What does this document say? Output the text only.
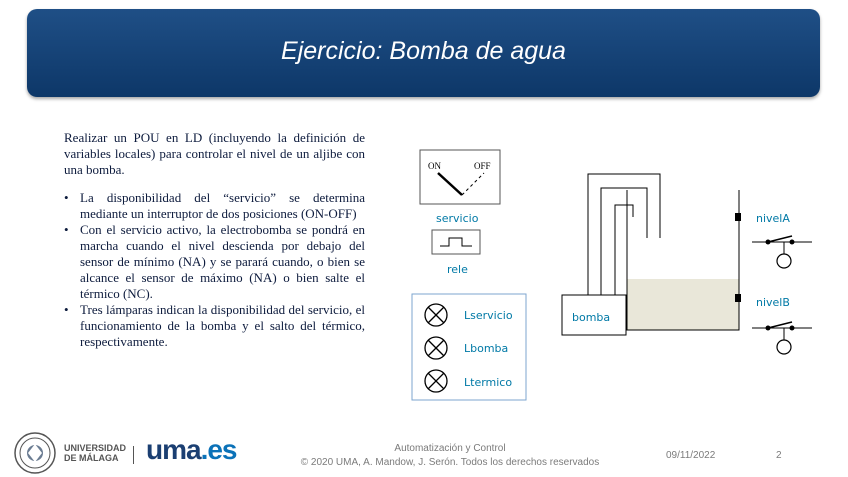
Ejercicio: Bomba de agua

Realizar un POU en LD (incluyendo la definición de variables locales) para controlar el nivel de un aljibe con una bomba.

• La disponibilidad del “servicio” se determina mediante un interruptor de dos posiciones (ON-OFF)
• Con el servicio activo, la electrobomba se pondrá en marcha cuando el nivel descienda por debajo del sensor de mínimo (NA) y se parará cuando, o bien se alcance el sensor de máximo (NA) o bien salte el térmico (NC).
• Tres lámparas indican la disponibilidad del servicio, el funcionamiento de la bomba y el salto del térmico, respectivamente.
ON	OFF
servicio
rele
Lservicio
Lbomba
Ltermico
bomba
nivelA
nivelB
UNIVERSIDAD
DE MÁLAGA uma.es	Automatización y Control
© 2020 UMA, A. Mandow, J. Serón. Todos los derechos reservados
09/11/2022	2
